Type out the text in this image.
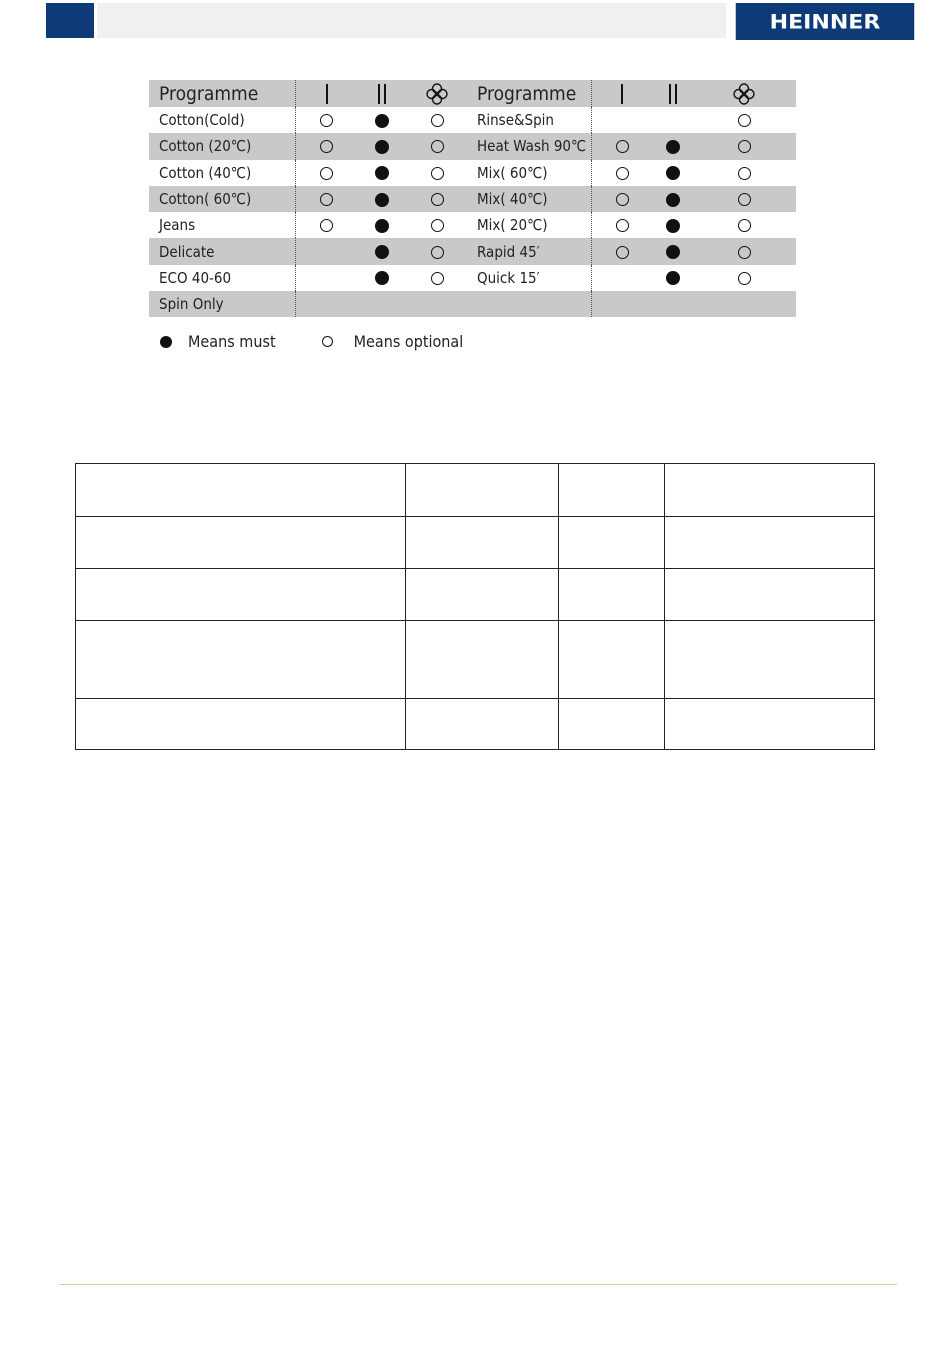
HEINNER
Programme				Programme			
Cotton(Cold)				Rinse&Spin			
Cotton (20℃)				Heat Wash 90℃			
Cotton (40℃)				Mix( 60℃)			
Cotton( 60℃)				Mix( 40℃)			
Jeans				Mix( 20℃)			
Delicate				Rapid 45′			
ECO 40-60				Quick 15′			
Spin Only							
Means must	Means optional
